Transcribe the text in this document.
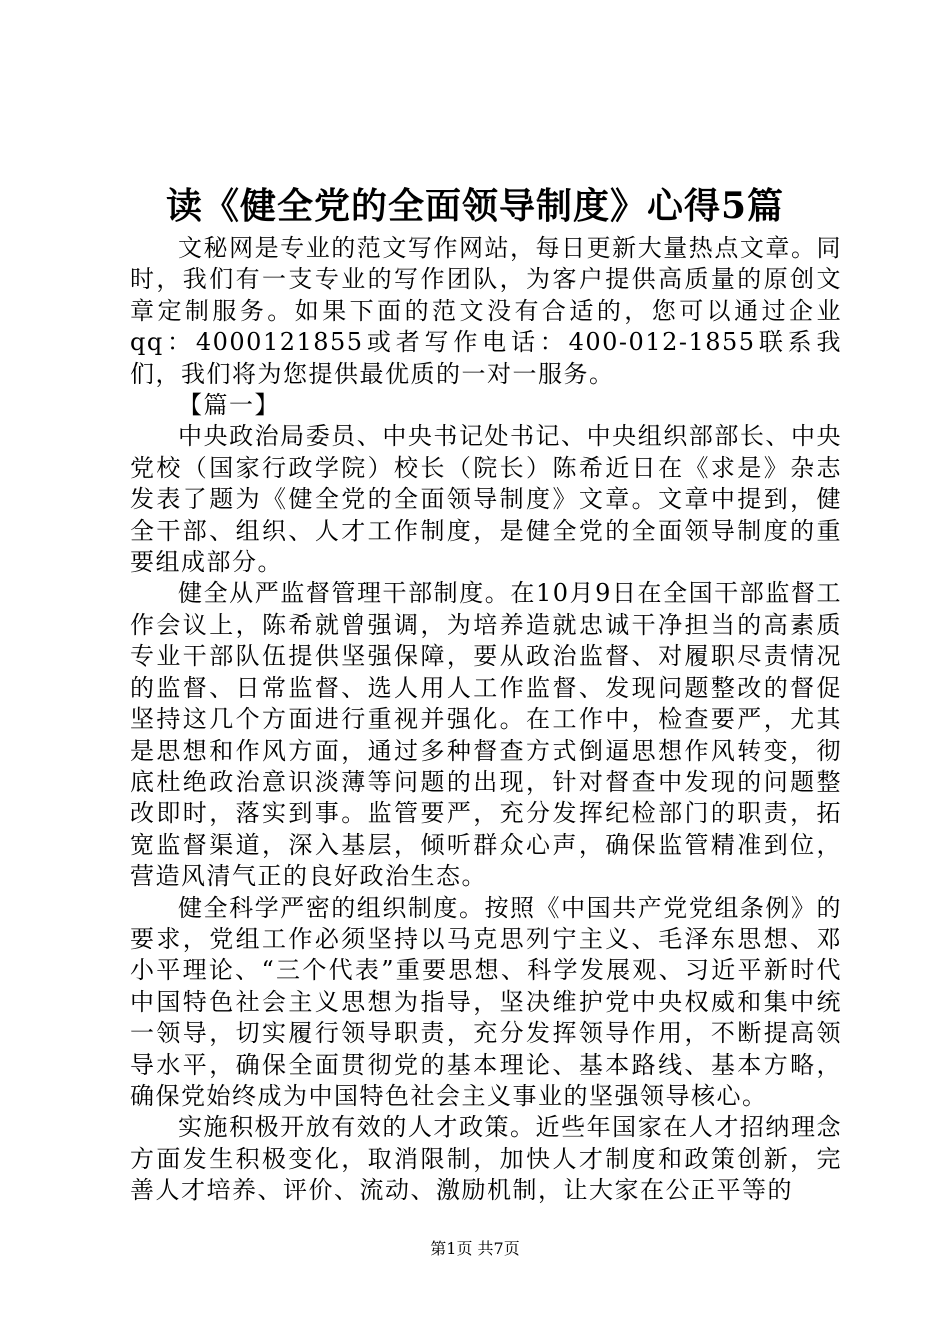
读《健全党的全面领导制度》心得5篇

文秘网是专业的范文写作网站，每日更新大量热点文章。同时，我们有一支专业的写作团队，为客户提供高质量的原创文章定制服务。如果下面的范文没有合适的，您可以通过企业qq：4000121855或者写作电话：400-012-1855联系我们，我们将为您提供最优质的一对一服务。

【篇一】

中央政治局委员、中央书记处书记、中央组织部部长、中央党校（国家行政学院）校长（院长）陈希近日在《求是》杂志发表了题为《健全党的全面领导制度》文章。文章中提到，健全干部、组织、人才工作制度，是健全党的全面领导制度的重要组成部分。

健全从严监督管理干部制度。在10月9日在全国干部监督工作会议上，陈希就曾强调，为培养造就忠诚干净担当的高素质专业干部队伍提供坚强保障，要从政治监督、对履职尽责情况的监督、日常监督、选人用人工作监督、发现问题整改的督促坚持这几个方面进行重视并强化。在工作中，检查要严，尤其是思想和作风方面，通过多种督查方式倒逼思想作风转变，彻底杜绝政治意识淡薄等问题的出现，针对督查中发现的问题整改即时，落实到事。监管要严，充分发挥纪检部门的职责，拓宽监督渠道，深入基层，倾听群众心声，确保监管精准到位，营造风清气正的良好政治生态。

健全科学严密的组织制度。按照《中国共产党党组条例》的要求，党组工作必须坚持以马克思列宁主义、毛泽东思想、邓小平理论、“三个代表”重要思想、科学发展观、习近平新时代中国特色社会主义思想为指导，坚决维护党中央权威和集中统一领导，切实履行领导职责，充分发挥领导作用，不断提高领导水平，确保全面贯彻党的基本理论、基本路线、基本方略，确保党始终成为中国特色社会主义事业的坚强领导核心。

实施积极开放有效的人才政策。近些年国家在人才招纳理念方面发生积极变化，取消限制，加快人才制度和政策创新，完善人才培养、评价、流动、激励机制，让大家在公正平等的

第1页 共7页
